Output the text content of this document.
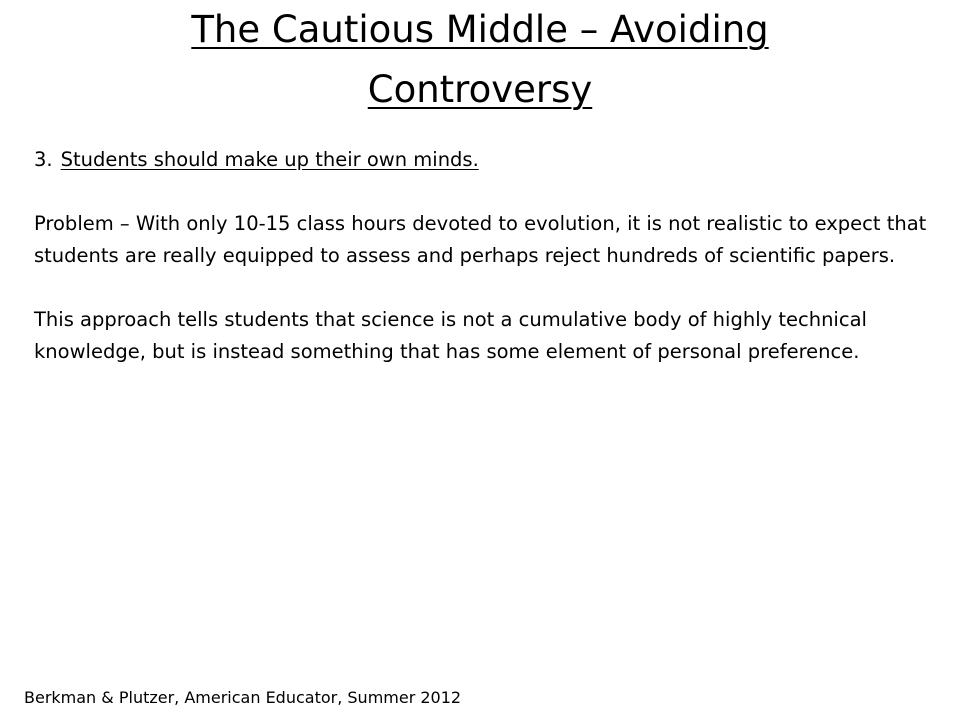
The Cautious Middle – Avoiding
Controversy

3. Students should make up their own minds.

Problem – With only 10-15 class hours devoted to evolution, it is not realistic to expect that students are really equipped to assess and perhaps reject hundreds of scientific papers.

This approach tells students that science is not a cumulative body of highly technical knowledge, but is instead something that has some element of personal preference.

Berkman & Plutzer, American Educator, Summer 2012
